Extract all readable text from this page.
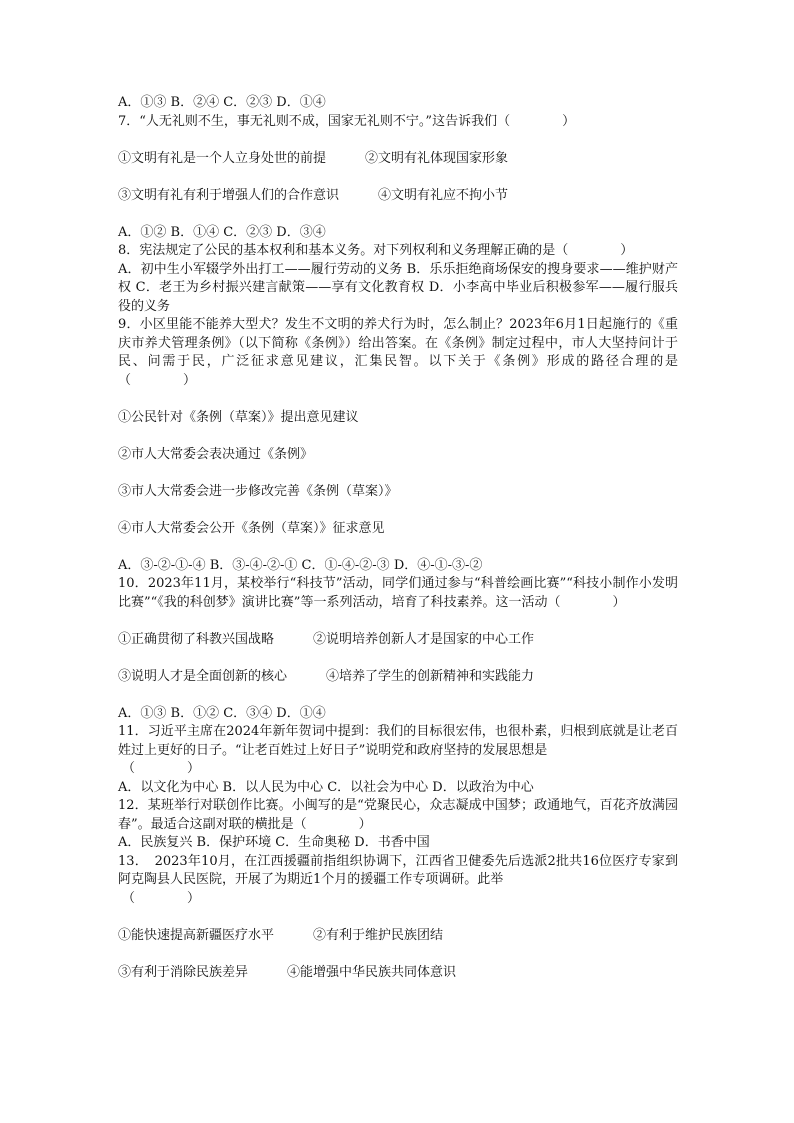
A．①③ B．②④ C．②③ D．①④

7．“人无礼则不生，事无礼则不成，国家无礼则不宁。”这告诉我们（　　　　）

①文明有礼是一个人立身处世的前提　　　②文明有礼体现国家形象

③文明有礼有利于增强人们的合作意识　　　④文明有礼应不拘小节

A．①② B．①④ C．②③ D．③④

8．宪法规定了公民的基本权利和基本义务。对下列权利和义务理解正确的是（　　　　）

A．初中生小军辍学外出打工——履行劳动的义务 B．乐乐拒绝商场保安的搜身要求——维护财产权 C．老王为乡村振兴建言献策——享有文化教育权 D．小李高中毕业后积极参军——履行服兵役的义务

9．小区里能不能养大型犬？发生不文明的养犬行为时，怎么制止？2023年6月1日起施行的《重庆市养犬管理条例》（以下简称《条例》）给出答案。在《条例》制定过程中，市人大坚持问计于民、问需于民，广泛征求意见建议，汇集民智。以下关于《条例》形成的路径合理的是（　　　　）

①公民针对《条例（草案）》提出意见建议

②市人大常委会表决通过《条例》

③市人大常委会进一步修改完善《条例（草案）》

④市人大常委会公开《条例（草案）》征求意见

A．③-②-①-④ B．③-④-②-① C．①-④-②-③ D．④-①-③-②

10．2023年11月，某校举行“科技节”活动，同学们通过参与“科普绘画比赛”“科技小制作小发明比赛”“《我的科创梦》演讲比赛”等一系列活动，培育了科技素养。这一活动（　　　　）

①正确贯彻了科教兴国战略　　　②说明培养创新人才是国家的中心工作

③说明人才是全面创新的核心　　　④培养了学生的创新精神和实践能力

A．①③ B．①② C．③④ D．①④

11．习近平主席在2024年新年贺词中提到：我们的目标很宏伟，也很朴素，归根到底就是让老百姓过上更好的日子。“让老百姓过上好日子”说明党和政府坚持的发展思想是

（　　　　）

A．以文化为中心 B．以人民为中心 C．以社会为中心 D．以政治为中心

12．某班举行对联创作比赛。小闽写的是“党聚民心，众志凝成中国梦；政通地气，百花齐放满园春”。最适合这副对联的横批是（　　　　）

A．民族复兴 B．保护环境 C．生命奥秘 D．书香中国

13．　2023年10月，在江西援疆前指组织协调下，江西省卫健委先后选派2批共16位医疗专家到阿克陶县人民医院，开展了为期近1个月的援疆工作专项调研。此举

（　　　　）

①能快速提高新疆医疗水平　　　②有利于维护民族团结

③有利于消除民族差异　　　④能增强中华民族共同体意识
